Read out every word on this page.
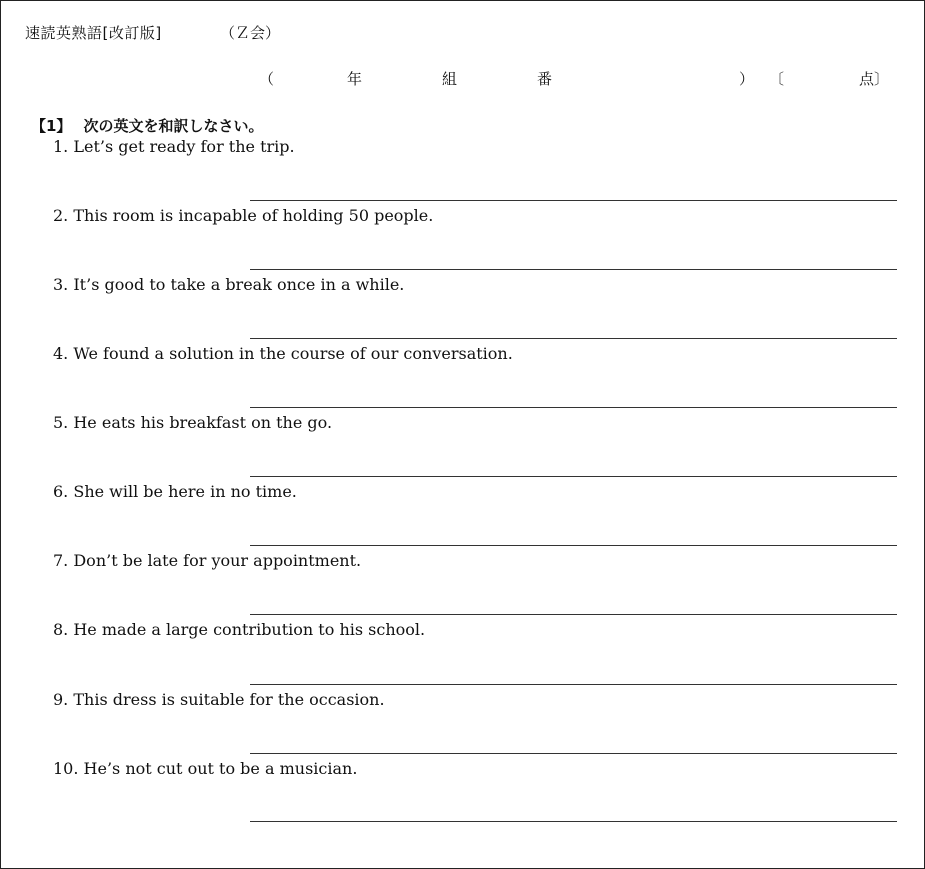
速読英熟語[改訂版]	（Ｚ会）
（	年	組	番	） 〔	点〕
【1】 次の英文を和訳しなさい。
1. Let’s get ready for the trip.
2. This room is incapable of holding 50 people.
3. It’s good to take a break once in a while.
4. We found a solution in the course of our conversation.
5. He eats his breakfast on the go.
6. She will be here in no time.
7. Don’t be late for your appointment.
8. He made a large contribution to his school.
9. This dress is suitable for the occasion.
10. He’s not cut out to be a musician.
